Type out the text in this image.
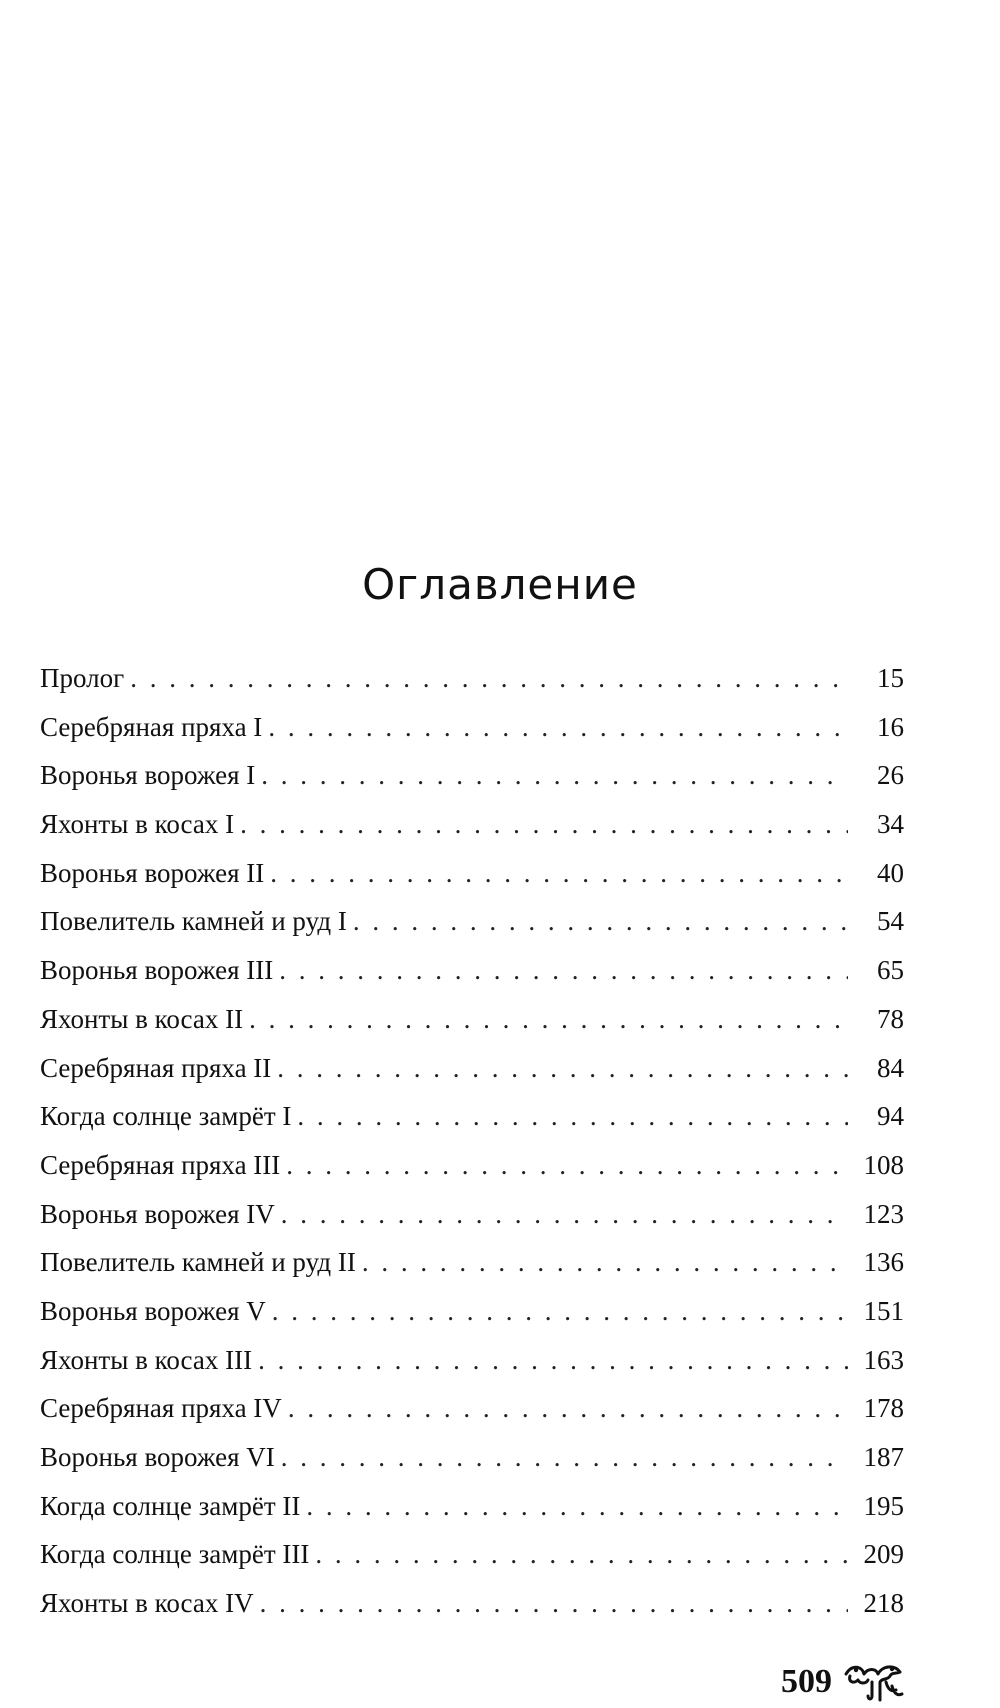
Оглавление
Пролог . . .	15
Серебряная пряха I . . .	16
Воронья ворожея I . . .	26
Яхонты в косах I . . .	34
Воронья ворожея II . . .	40
Повелитель камней и руд I . . .	54
Воронья ворожея III . . .	65
Яхонты в косах II . . .	78
Серебряная пряха II . . .	84
Когда солнце замрёт I . . .	94
Серебряная пряха III . . .	108
Воронья ворожея IV . . .	123
Повелитель камней и руд II . . .	136
Воронья ворожея V . . .	151
Яхонты в косах III . . .	163
Серебряная пряха IV . . .	178
Воронья ворожея VI . . .	187
Когда солнце замрёт II . . .	195
Когда солнце замрёт III . . .	209
Яхонты в косах IV . . .	218
509
